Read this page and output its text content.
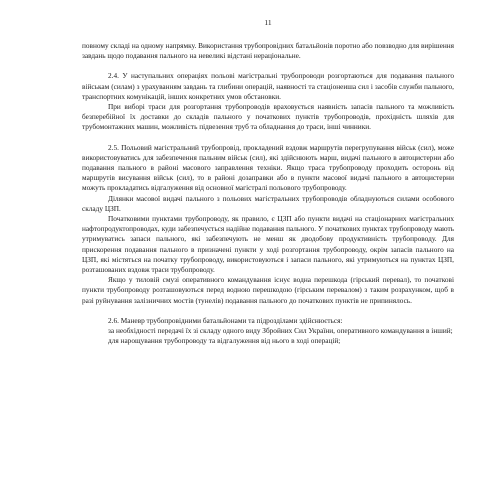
11

повному складі на одному напрямку. Використання трубопровідних батальйонів поротно або повзводно для вирішення завдань щодо подавання пального на невеликі відстані нераціональне.

2.4. У наступальних операціях польові магістральні трубопроводи розгортаються для подавання пального військам (силам) з урахуванням завдань та глибини операцій, наявності та стаціонеиша сил і засобів служби пального, транспортних комунікацій, інших конкретних умов обстановки.

При виборі траси для розгортання трубопроводів враховується наявність запасів пального та можливість безперебійної їх доставки до складів пального у початкових пунктів трубопроводів, прохідність шляхів для трубомонтажних машин, можливість підвезення труб та обладнання до траси, інші чинники.

2.5. Польовий магістральний трубопровід, прокладений вздовж маршрутів перегрупування військ (сил), може використовуватись для забезпечення пальним військ (сил), які здійснюють марш, видачі пального в автоцистерни або подавання пального в районі масового заправлення техніки. Якщо траса трубопроводу проходить осторонь від маршрутів висування військ (сил), то в районі дозаправки або в пункти масової видачі пального в автоцистерни можуть прокладатись відгалуження від основної магістралі польового трубопроводу.

Ділянки масової видачі пального з польових магістральних трубопроводів обладнуються силами особового складу ЦЗП.

Початковими пунктами трубопроводу, як правило, є ЦЗП або пункти видачі на стаціонарних магістральних нафтопродуктопроводах, куди забезпечується надійне подавання пального. У початкових пунктах трубопроводу мають утримуватись запаси пального, які забезпечують не менш як дводобову продуктивність трубопроводу. Для прискорення подавання пального в призначені пункти у ході розгортання трубопроводу, окрім запасів пального на ЦЗП, які містяться на початку трубопроводу, використовуються і запаси пального, які утримуються на пунктах ЦЗП, розташованих вздовж траси трубопроводу.

Якщо у тиловій смузі оперативного командування існує водна перешкода (гірський перевал), то початкові пункти трубопроводу розташовуються перед водною перешкодою (гірським перевалом) з таким розрахунком, щоб в разі руйнування залізничних мостів (тунелів) подавання пального до початкових пунктів не припинялось.

2.6. Маневр трубопровідними батальйонами та підрозділами здійснюється:

за необхідності передачі їх зі складу одного виду Збройних Сил України, оперативного командування в інший;

для нарощування трубопроводу та відгалуження від нього в ході операцій;
